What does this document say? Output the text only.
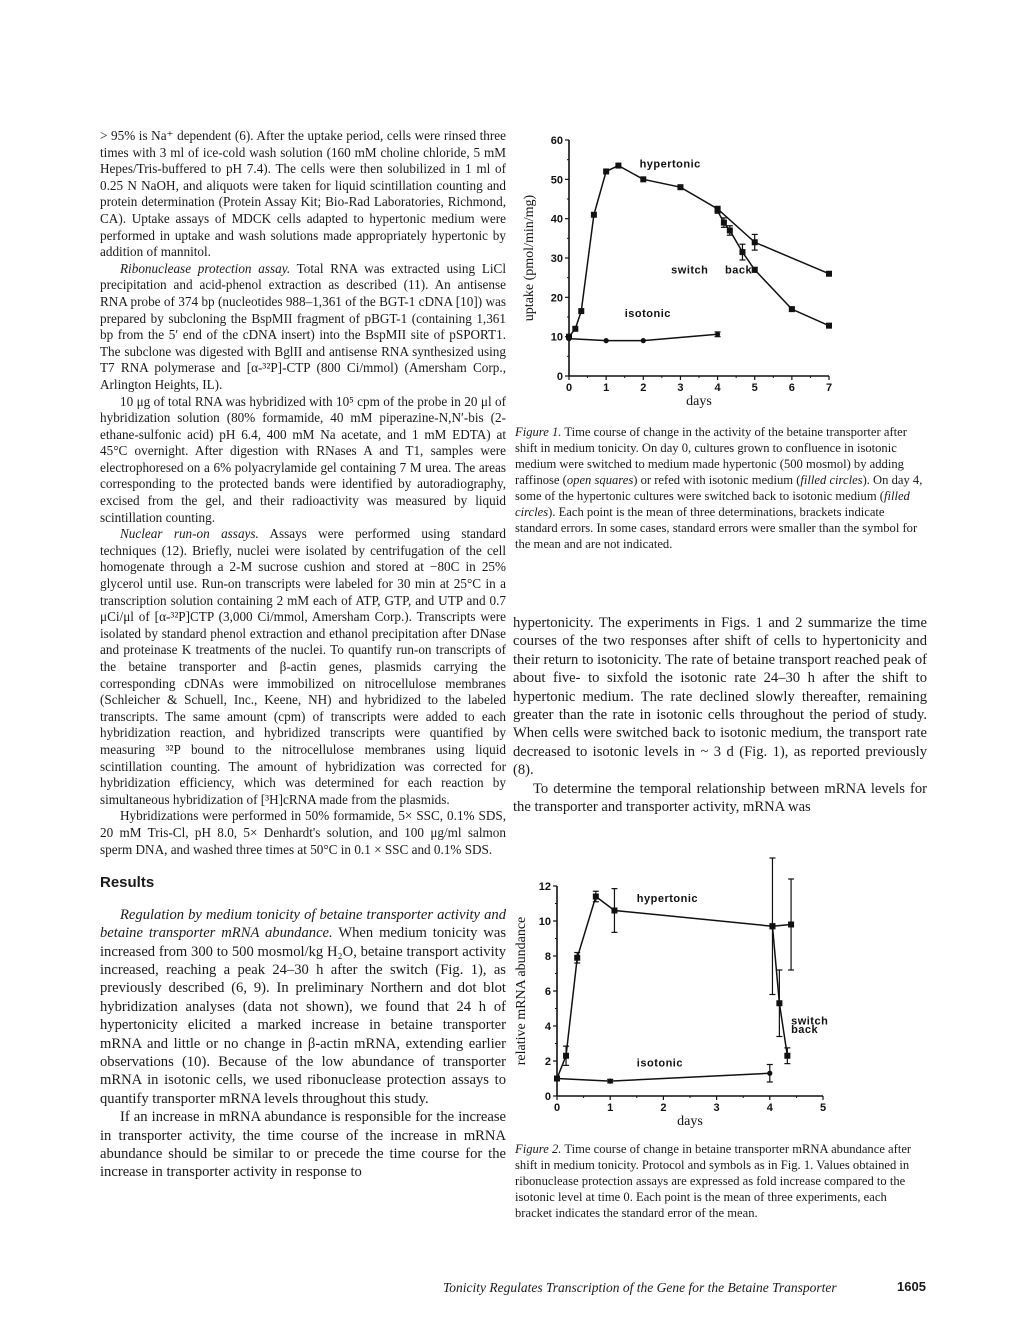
> 95% is Na⁺ dependent (6). After the uptake period, cells were rinsed three times with 3 ml of ice-cold wash solution (160 mM choline chloride, 5 mM Hepes/Tris-buffered to pH 7.4). The cells were then solubilized in 1 ml of 0.25 N NaOH, and aliquots were taken for liquid scintillation counting and protein determination (Protein Assay Kit; Bio-Rad Laboratories, Richmond, CA). Uptake assays of MDCK cells adapted to hypertonic medium were performed in uptake and wash solutions made appropriately hypertonic by addition of mannitol.

Ribonuclease protection assay. Total RNA was extracted using LiCl precipitation and acid-phenol extraction as described (11). An antisense RNA probe of 374 bp (nucleotides 988–1,361 of the BGT-1 cDNA [10]) was prepared by subcloning the BspMII fragment of pBGT-1 (containing 1,361 bp from the 5′ end of the cDNA insert) into the BspMII site of pSPORT1. The subclone was digested with BglII and antisense RNA synthesized using T7 RNA polymerase and [α-³²P]-CTP (800 Ci/mmol) (Amersham Corp., Arlington Heights, IL).

10 μg of total RNA was hybridized with 10⁵ cpm of the probe in 20 μl of hybridization solution (80% formamide, 40 mM piperazine-N,N′-bis (2-ethane-sulfonic acid) pH 6.4, 400 mM Na acetate, and 1 mM EDTA) at 45°C overnight. After digestion with RNases A and T1, samples were electrophoresed on a 6% polyacrylamide gel containing 7 M urea. The areas corresponding to the protected bands were identified by autoradiography, excised from the gel, and their radioactivity was measured by liquid scintillation counting.

Nuclear run-on assays. Assays were performed using standard techniques (12). Briefly, nuclei were isolated by centrifugation of the cell homogenate through a 2-M sucrose cushion and stored at −80C in 25% glycerol until use. Run-on transcripts were labeled for 30 min at 25°C in a transcription solution containing 2 mM each of ATP, GTP, and UTP and 0.7 μCi/μl of [α-³²P]CTP (3,000 Ci/mmol, Amersham Corp.). Transcripts were isolated by standard phenol extraction and ethanol precipitation after DNase and proteinase K treatments of the nuclei. To quantify run-on transcripts of the betaine transporter and β-actin genes, plasmids carrying the corresponding cDNAs were immobilized on nitrocellulose membranes (Schleicher & Schuell, Inc., Keene, NH) and hybridized to the labeled transcripts. The same amount (cpm) of transcripts were added to each hybridization reaction, and hybridized transcripts were quantified by measuring ³²P bound to the nitrocellulose membranes using liquid scintillation counting. The amount of hybridization was corrected for hybridization efficiency, which was determined for each reaction by simultaneous hybridization of [³H]cRNA made from the plasmids.

Hybridizations were performed in 50% formamide, 5× SSC, 0.1% SDS, 20 mM Tris-Cl, pH 8.0, 5× Denhardt's solution, and 100 μg/ml salmon sperm DNA, and washed three times at 50°C in 0.1 × SSC and 0.1% SDS.

Results

Regulation by medium tonicity of betaine transporter activity and betaine transporter mRNA abundance. When medium tonicity was increased from 300 to 500 mosmol/kg H₂O, betaine transport activity increased, reaching a peak 24–30 h after the switch (Fig. 1), as previously described (6, 9). In preliminary Northern and dot blot hybridization analyses (data not shown), we found that 24 h of hypertonicity elicited a marked increase in betaine transporter mRNA and little or no change in β-actin mRNA, extending earlier observations (10). Because of the low abundance of transporter mRNA in isotonic cells, we used ribonuclease protection assays to quantify transporter mRNA levels throughout this study.

If an increase in mRNA abundance is responsible for the increase in transporter activity, the time course of the increase in mRNA abundance should be similar to or precede the time course for the increase in transporter activity in response to

0	1	2	3	4	5	6	7
0
10
20
30
40
50
60
days
uptake (pmol/min/mg)
hypertonic
switch back
isotonic
Figure 1. Time course of change in the activity of the betaine transporter after shift in medium tonicity. On day 0, cultures grown to confluence in isotonic medium were switched to medium made hypertonic (500 mosmol) by adding raffinose (open squares) or refed with isotonic medium (filled circles). On day 4, some of the hypertonic cultures were switched back to isotonic medium (filled circles). Each point is the mean of three determinations, brackets indicate standard errors. In some cases, standard errors were smaller than the symbol for the mean and are not indicated.

hypertonicity. The experiments in Figs. 1 and 2 summarize the time courses of the two responses after shift of cells to hypertonicity and their return to isotonicity. The rate of betaine transport reached peak of about five- to sixfold the isotonic rate 24–30 h after the shift to hypertonic medium. The rate declined slowly thereafter, remaining greater than the rate in isotonic cells throughout the period of study. When cells were switched back to isotonic medium, the transport rate decreased to isotonic levels in ~ 3 d (Fig. 1), as reported previously (8).

To determine the temporal relationship between mRNA levels for the transporter and transporter activity, mRNA was

0	1	2	3	4	5
0
2
4
6
8
10
12
days
relative mRNA abundance
hypertonic
switch
back
isotonic
Figure 2. Time course of change in betaine transporter mRNA abundance after shift in medium tonicity. Protocol and symbols as in Fig. 1. Values obtained in ribonuclease protection assays are expressed as fold increase compared to the isotonic level at time 0. Each point is the mean of three experiments, each bracket indicates the standard error of the mean.
Tonicity Regulates Transcription of the Gene for the Betaine Transporter	1605
